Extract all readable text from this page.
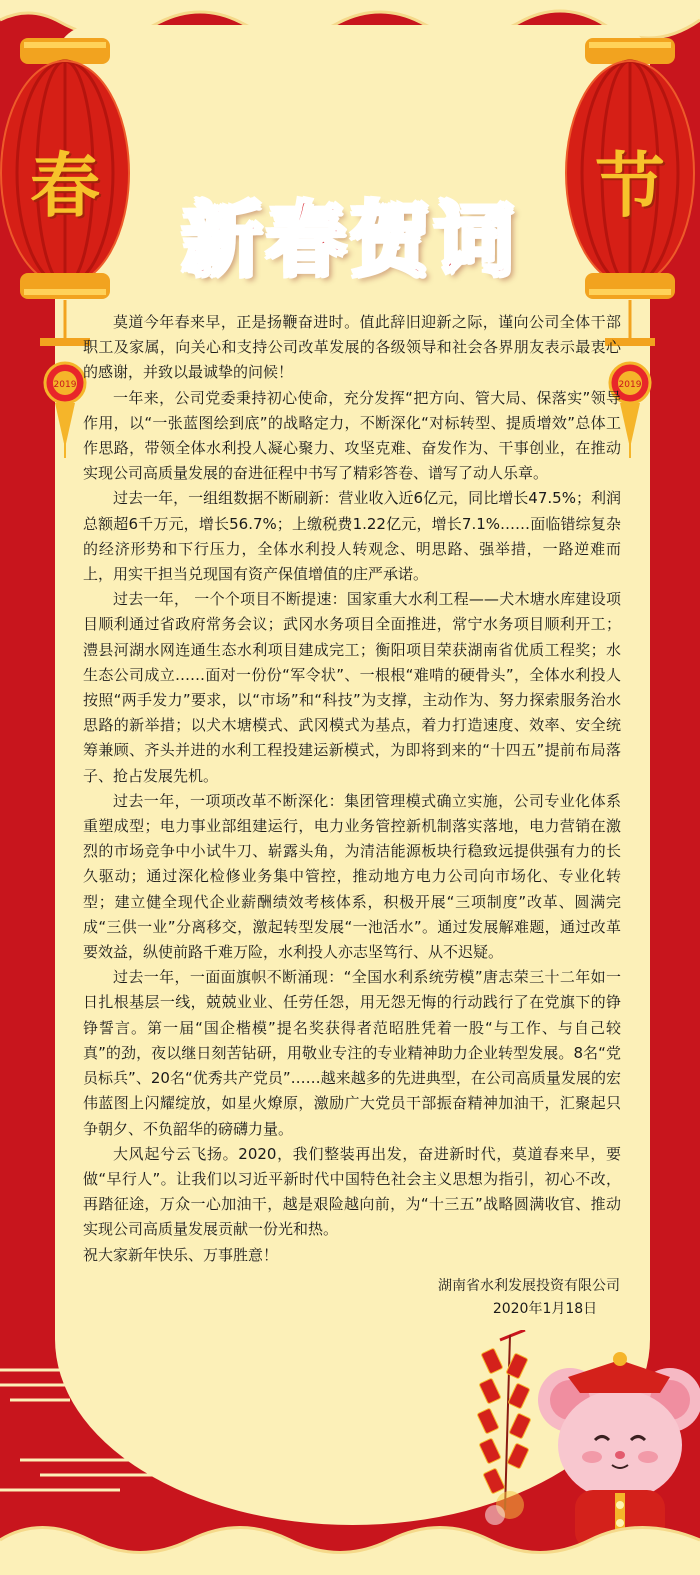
2019
春
2019
节
新春贺词

莫道今年春来早，正是扬鞭奋进时。值此辞旧迎新之际，谨向公司全体干部职工及家属，向关心和支持公司改革发展的各级领导和社会各界朋友表示最衷心的感谢，并致以最诚挚的问候！

一年来，公司党委秉持初心使命，充分发挥“把方向、管大局、保落实”领导作用，以“一张蓝图绘到底”的战略定力，不断深化“对标转型、提质增效”总体工作思路，带领全体水利投人凝心聚力、攻坚克难、奋发作为、干事创业，在推动实现公司高质量发展的奋进征程中书写了精彩答卷、谱写了动人乐章。

过去一年，一组组数据不断刷新：营业收入近6亿元，同比增长47.5%；利润总额超6千万元，增长56.7%；上缴税费1.22亿元，增长7.1%……面临错综复杂的经济形势和下行压力，全体水利投人转观念、明思路、强举措，一路逆难而上，用实干担当兑现国有资产保值增值的庄严承诺。

过去一年， 一个个项目不断提速：国家重大水利工程——犬木塘水库建设项目顺利通过省政府常务会议；武冈水务项目全面推进，常宁水务项目顺利开工；澧县河湖水网连通生态水利项目建成完工；衡阳项目荣获湖南省优质工程奖；水生态公司成立……面对一份份“军令状”、一根根“难啃的硬骨头”，全体水利投人按照“两手发力”要求，以“市场”和“科技”为支撑，主动作为、努力探索服务治水思路的新举措；以犬木塘模式、武冈模式为基点，着力打造速度、效率、安全统筹兼顾、齐头并进的水利工程投建运新模式，为即将到来的“十四五”提前布局落子、抢占发展先机。

过去一年，一项项改革不断深化：集团管理模式确立实施，公司专业化体系重塑成型；电力事业部组建运行，电力业务管控新机制落实落地，电力营销在激烈的市场竞争中小试牛刀、崭露头角，为清洁能源板块行稳致远提供强有力的长久驱动；通过深化检修业务集中管控，推动地方电力公司向市场化、专业化转型；建立健全现代企业薪酬绩效考核体系，积极开展“三项制度”改革、圆满完成“三供一业”分离移交，激起转型发展“一池活水”。通过发展解难题，通过改革要效益，纵使前路千难万险，水利投人亦志坚笃行、从不迟疑。

过去一年，一面面旗帜不断涌现：“全国水利系统劳模”唐志荣三十二年如一日扎根基层一线，兢兢业业、任劳任怨，用无怨无悔的行动践行了在党旗下的铮铮誓言。第一届“国企楷模”提名奖获得者范昭胜凭着一股“与工作、与自己较真”的劲，夜以继日刻苦钻研，用敬业专注的专业精神助力企业转型发展。8名“党员标兵”、20名“优秀共产党员”……越来越多的先进典型，在公司高质量发展的宏伟蓝图上闪耀绽放，如星火燎原，激励广大党员干部振奋精神加油干，汇聚起只争朝夕、不负韶华的磅礴力量。

大风起兮云飞扬。2020，我们整装再出发，奋进新时代，莫道春来早，要做“早行人”。让我们以习近平新时代中国特色社会主义思想为指引，初心不改，再踏征途，万众一心加油干，越是艰险越向前，为“十三五”战略圆满收官、推动实现公司高质量发展贡献一份光和热。

祝大家新年快乐、万事胜意！

湖南省水利发展投资有限公司
2020年1月18日
